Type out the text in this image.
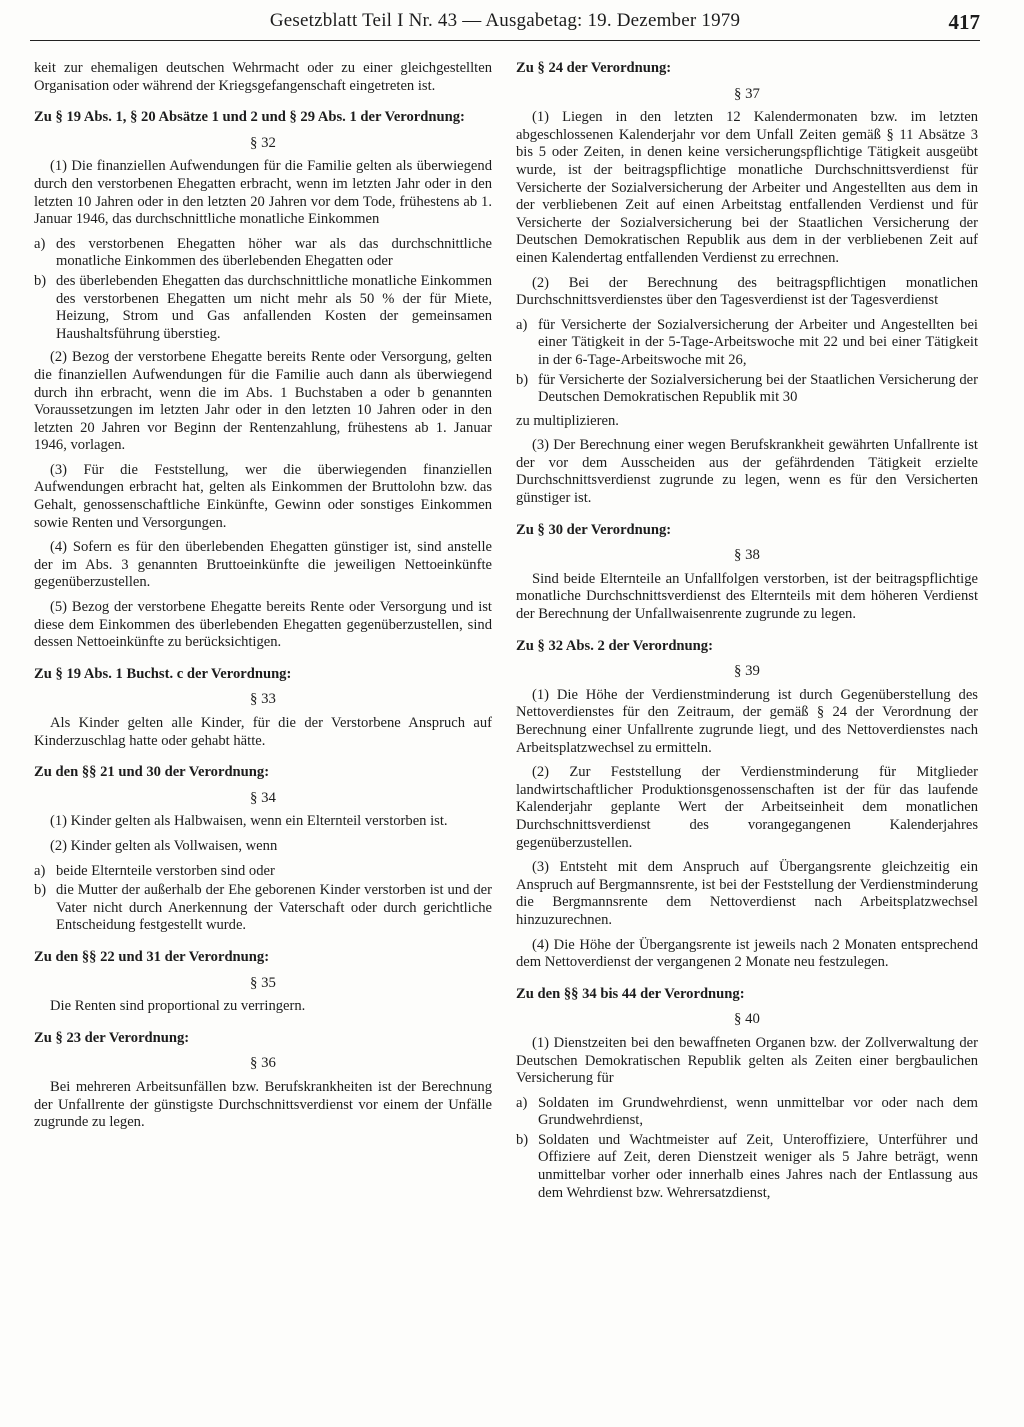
Gesetzblatt Teil I Nr. 43 — Ausgabetag: 19. Dezember 1979	417

keit zur ehemaligen deutschen Wehrmacht oder zu einer gleichgestellten Organisation oder während der Kriegsgefangenschaft eingetreten ist.

Zu § 19 Abs. 1, § 20 Absätze 1 und 2 und § 29 Abs. 1 der Verordnung:
§ 32

(1) Die finanziellen Aufwendungen für die Familie gelten als überwiegend durch den verstorbenen Ehegatten erbracht, wenn im letzten Jahr oder in den letzten 10 Jahren oder in den letzten 20 Jahren vor dem Tode, frühestens ab 1. Januar 1946, das durchschnittliche monatliche Einkommen

a) des verstorbenen Ehegatten höher war als das durchschnittliche monatliche Einkommen des überlebenden Ehegatten oder
b) des überlebenden Ehegatten das durchschnittliche monatliche Einkommen des verstorbenen Ehegatten um nicht mehr als 50 % der für Miete, Heizung, Strom und Gas anfallenden Kosten der gemeinsamen Haushaltsführung überstieg.

(2) Bezog der verstorbene Ehegatte bereits Rente oder Versorgung, gelten die finanziellen Aufwendungen für die Familie auch dann als überwiegend durch ihn erbracht, wenn die im Abs. 1 Buchstaben a oder b genannten Voraussetzungen im letzten Jahr oder in den letzten 10 Jahren oder in den letzten 20 Jahren vor Beginn der Rentenzahlung, frühestens ab 1. Januar 1946, vorlagen.

(3) Für die Feststellung, wer die überwiegenden finanziellen Aufwendungen erbracht hat, gelten als Einkommen der Bruttolohn bzw. das Gehalt, genossenschaftliche Einkünfte, Gewinn oder sonstiges Einkommen sowie Renten und Versorgungen.

(4) Sofern es für den überlebenden Ehegatten günstiger ist, sind anstelle der im Abs. 3 genannten Bruttoeinkünfte die jeweiligen Nettoeinkünfte gegenüberzustellen.

(5) Bezog der verstorbene Ehegatte bereits Rente oder Versorgung und ist diese dem Einkommen des überlebenden Ehegatten gegenüberzustellen, sind dessen Nettoeinkünfte zu berücksichtigen.

Zu § 19 Abs. 1 Buchst. c der Verordnung:
§ 33

Als Kinder gelten alle Kinder, für die der Verstorbene Anspruch auf Kinderzuschlag hatte oder gehabt hätte.

Zu den §§ 21 und 30 der Verordnung:
§ 34

(1) Kinder gelten als Halbwaisen, wenn ein Elternteil verstorben ist.

(2) Kinder gelten als Vollwaisen, wenn

a) beide Elternteile verstorben sind oder
b) die Mutter der außerhalb der Ehe geborenen Kinder verstorben ist und der Vater nicht durch Anerkennung der Vaterschaft oder durch gerichtliche Entscheidung festgestellt wurde.
Zu den §§ 22 und 31 der Verordnung:
§ 35

Die Renten sind proportional zu verringern.

Zu § 23 der Verordnung:
§ 36

Bei mehreren Arbeitsunfällen bzw. Berufskrankheiten ist der Berechnung der Unfallrente der günstigste Durchschnittsverdienst vor einem der Unfälle zugrunde zu legen.

Zu § 24 der Verordnung:
§ 37

(1) Liegen in den letzten 12 Kalendermonaten bzw. im letzten abgeschlossenen Kalenderjahr vor dem Unfall Zeiten gemäß § 11 Absätze 3 bis 5 oder Zeiten, in denen keine versicherungspflichtige Tätigkeit ausgeübt wurde, ist der beitragspflichtige monatliche Durchschnittsverdienst für Versicherte der Sozialversicherung der Arbeiter und Angestellten aus dem in der verbliebenen Zeit auf einen Arbeitstag entfallenden Verdienst und für Versicherte der Sozialversicherung bei der Staatlichen Versicherung der Deutschen Demokratischen Republik aus dem in der verbliebenen Zeit auf einen Kalendertag entfallenden Verdienst zu errechnen.

(2) Bei der Berechnung des beitragspflichtigen monatlichen Durchschnittsverdienstes über den Tagesverdienst ist der Tagesverdienst

a) für Versicherte der Sozialversicherung der Arbeiter und Angestellten bei einer Tätigkeit in der 5-Tage-Arbeitswoche mit 22 und bei einer Tätigkeit in der 6-Tage-Arbeitswoche mit 26,
b) für Versicherte der Sozialversicherung bei der Staatlichen Versicherung der Deutschen Demokratischen Republik mit 30

zu multiplizieren.

(3) Der Berechnung einer wegen Berufskrankheit gewährten Unfallrente ist der vor dem Ausscheiden aus der gefährdenden Tätigkeit erzielte Durchschnittsverdienst zugrunde zu legen, wenn es für den Versicherten günstiger ist.

Zu § 30 der Verordnung:
§ 38

Sind beide Elternteile an Unfallfolgen verstorben, ist der beitragspflichtige monatliche Durchschnittsverdienst des Elternteils mit dem höheren Verdienst der Berechnung der Unfallwaisenrente zugrunde zu legen.

Zu § 32 Abs. 2 der Verordnung:
§ 39

(1) Die Höhe der Verdienstminderung ist durch Gegenüberstellung des Nettoverdienstes für den Zeitraum, der gemäß § 24 der Verordnung der Berechnung einer Unfallrente zugrunde liegt, und des Nettoverdienstes nach Arbeitsplatzwechsel zu ermitteln.

(2) Zur Feststellung der Verdienstminderung für Mitglieder landwirtschaftlicher Produktionsgenossenschaften ist der für das laufende Kalenderjahr geplante Wert der Arbeitseinheit dem monatlichen Durchschnittsverdienst des vorangegangenen Kalenderjahres gegenüberzustellen.

(3) Entsteht mit dem Anspruch auf Übergangsrente gleichzeitig ein Anspruch auf Bergmannsrente, ist bei der Feststellung der Verdienstminderung die Bergmannsrente dem Nettoverdienst nach Arbeitsplatzwechsel hinzuzurechnen.

(4) Die Höhe der Übergangsrente ist jeweils nach 2 Monaten entsprechend dem Nettoverdienst der vergangenen 2 Monate neu festzulegen.

Zu den §§ 34 bis 44 der Verordnung:
§ 40

(1) Dienstzeiten bei den bewaffneten Organen bzw. der Zollverwaltung der Deutschen Demokratischen Republik gelten als Zeiten einer bergbaulichen Versicherung für

a) Soldaten im Grundwehrdienst, wenn unmittelbar vor oder nach dem Grundwehrdienst,
b) Soldaten und Wachtmeister auf Zeit, Unteroffiziere, Unterführer und Offiziere auf Zeit, deren Dienstzeit weniger als 5 Jahre beträgt, wenn unmittelbar vorher oder innerhalb eines Jahres nach der Entlassung aus dem Wehrdienst bzw. Wehrersatzdienst,
